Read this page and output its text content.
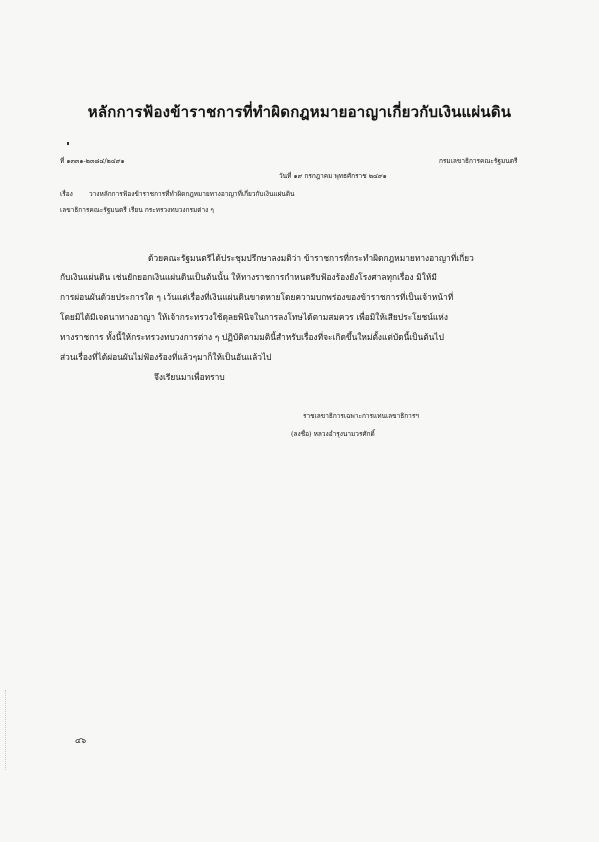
หลักการฟ้องข้าราชการที่ทำผิดกฎหมายอาญาเกี่ยวกับเงินแผ่นดิน
ที่ ๑๓๓๑-๒๓๘๔/๒๔๙๑	กรมเลขาธิการคณะรัฐมนตรี
วันที่ ๑๙ กรกฎาคม พุทธศักราช ๒๔๙๑
เรื่อง วางหลักการฟ้องข้าราชการที่ทำผิดกฎหมายทางอาญาที่เกี่ยวกับเงินแผ่นดิน
เลขาธิการคณะรัฐมนตรี เรียน กระทรวงทบวงกรมต่าง ๆ
ด้วยคณะรัฐมนตรีได้ประชุมปรึกษาลงมติว่า ข้าราชการที่กระทำผิดกฎหมายทางอาญาที่เกี่ยว
กับเงินแผ่นดิน เช่นยักยอกเงินแผ่นดินเป็นต้นนั้น ให้ทางราชการกำหนดรีบฟ้องร้องยังโรงศาลทุกเรื่อง มิให้มี
การผ่อนผันด้วยประการใด ๆ เว้นแต่เรื่องที่เงินแผ่นดินขาดหายโดยความบกพร่องของข้าราชการที่เป็นเจ้าหน้าที่
โดยมิได้มีเจตนาทางอาญา ให้เจ้ากระทรวงใช้ดุลยพินิจในการลงโทษได้ตามสมควร เพื่อมิให้เสียประโยชน์แห่ง
ทางราชการ ทั้งนี้ให้กระทรวงทบวงการต่าง ๆ ปฏิบัติตามมตินี้สำหรับเรื่องที่จะเกิดขึ้นใหม่ตั้งแต่บัดนี้เป็นต้นไป
ส่วนเรื่องที่ได้ผ่อนผันไม่ฟ้องร้องที่แล้วๆมาก็ให้เป็นอันแล้วไป
จึงเรียนมาเพื่อทราบ
ราชเลขาธิการเฉพาะการแทนเลขาธิการฯ
(ลงชื่อ) หลวงอำรุงนามวรศักดิ์
๔๖
